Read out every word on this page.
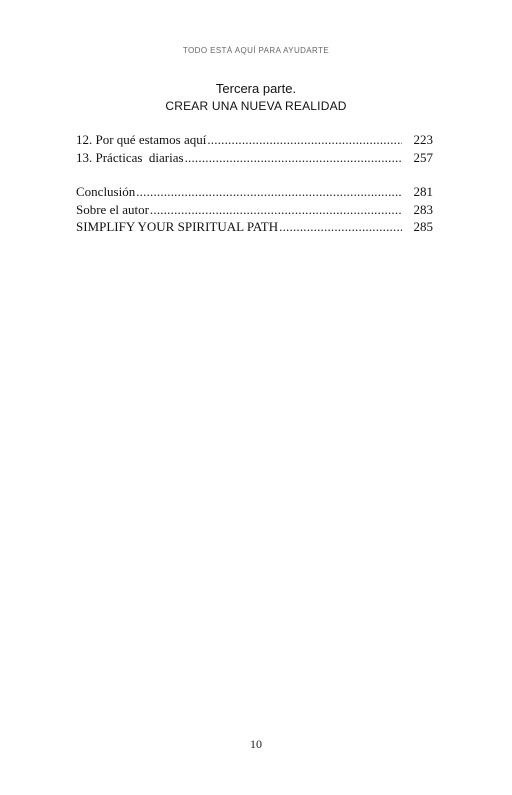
TODO ESTÁ AQUÍ PARA AYUDARTE
Tercera parte.
CREAR UNA NUEVA REALIDAD
12. Por qué estamos aquí .....	223
13. Prácticas  diarias .....	257
Conclusión .....	281
Sobre el autor .....	283
SIMPLIFY YOUR SPIRITUAL PATH .....	285
10
